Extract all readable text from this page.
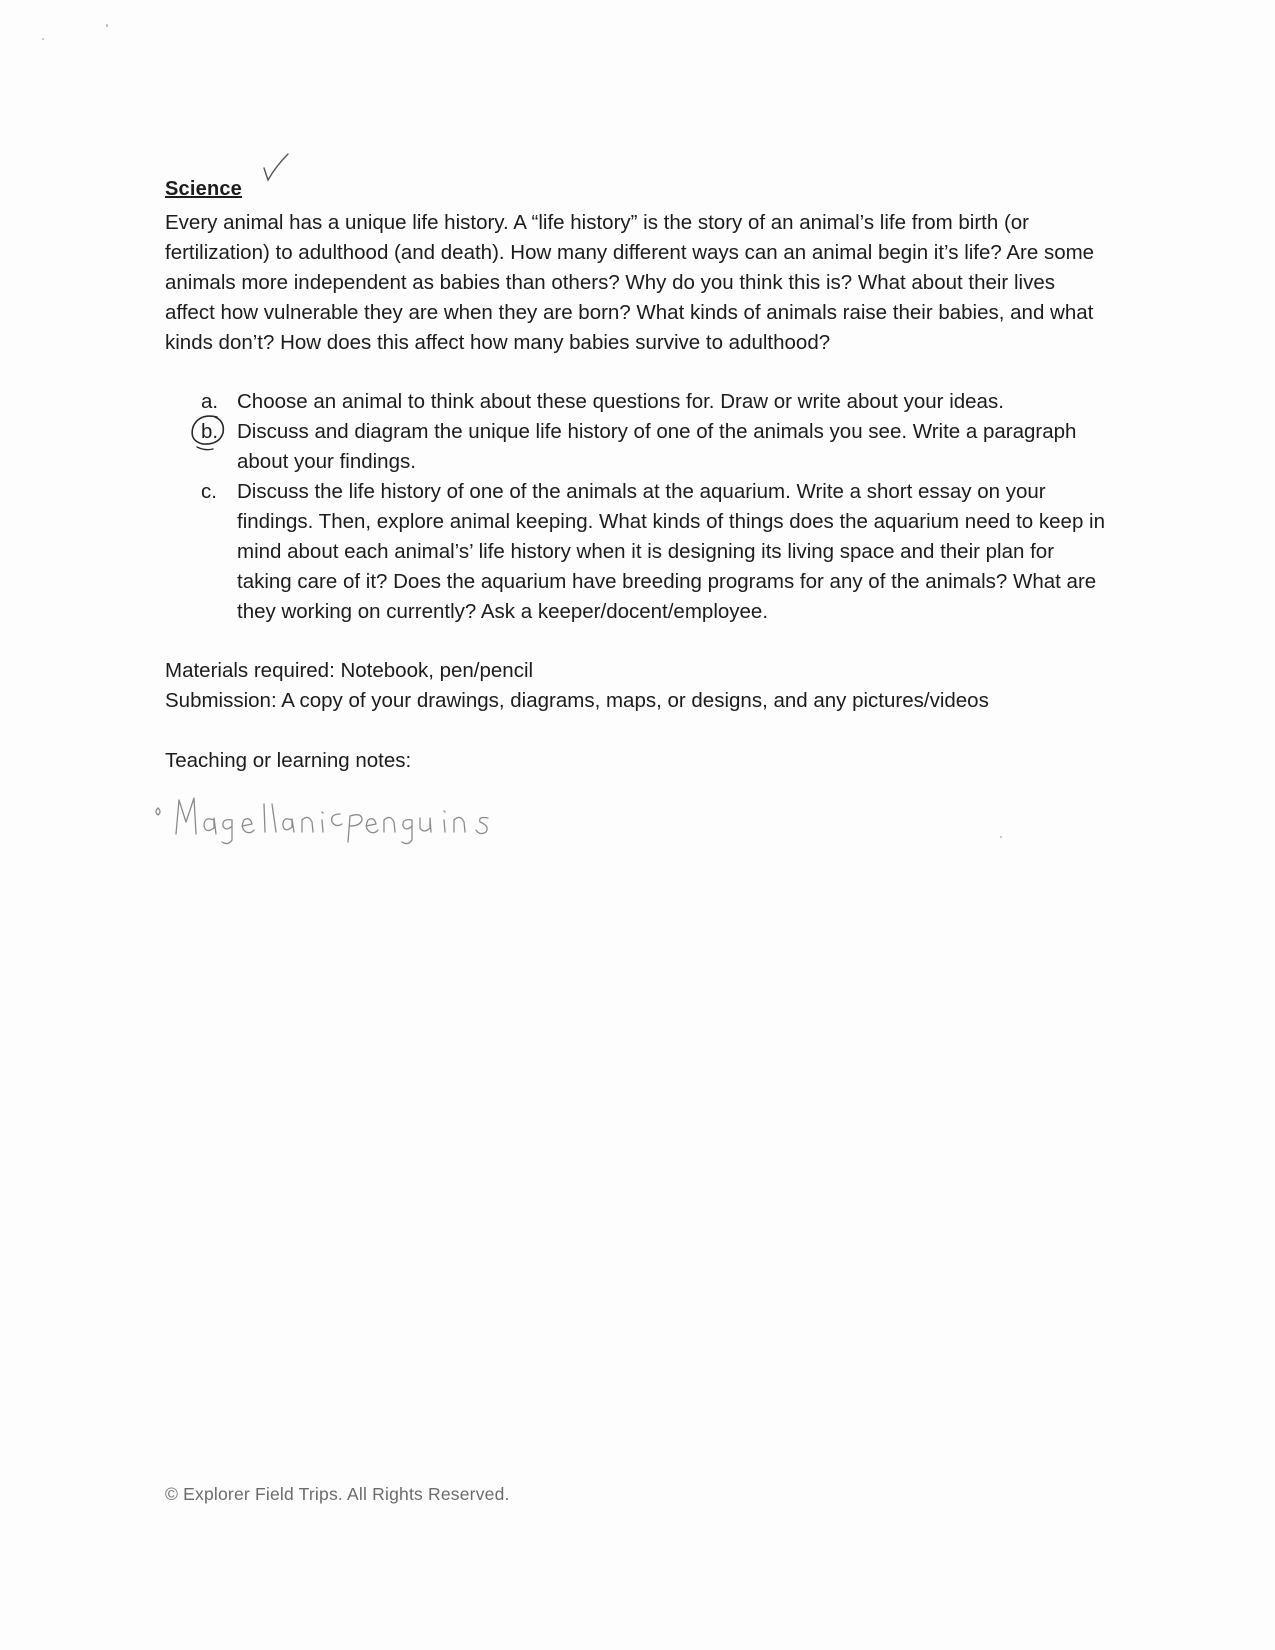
Science
Every animal has a unique life history. A “life history” is the story of an animal’s life from birth (or fertilization) to adulthood (and death). How many different ways can an animal begin it’s life? Are some animals more independent as babies than others? Why do you think this is? What about their lives affect how vulnerable they are when they are born? What kinds of animals raise their babies, and what kinds don’t? How does this affect how many babies survive to adulthood?
a. Choose an animal to think about these questions for. Draw or write about your ideas.
b. Discuss and diagram the unique life history of one of the animals you see. Write a paragraph about your findings.
c. Discuss the life history of one of the animals at the aquarium. Write a short essay on your findings. Then, explore animal keeping. What kinds of things does the aquarium need to keep in mind about each animal’s’ life history when it is designing its living space and their plan for taking care of it? Does the aquarium have breeding programs for any of the animals? What are they working on currently? Ask a keeper/docent/employee.
Materials required: Notebook, pen/pencil
Submission: A copy of your drawings, diagrams, maps, or designs, and any pictures/videos
Teaching or learning notes:
© Explorer Field Trips. All Rights Reserved.
